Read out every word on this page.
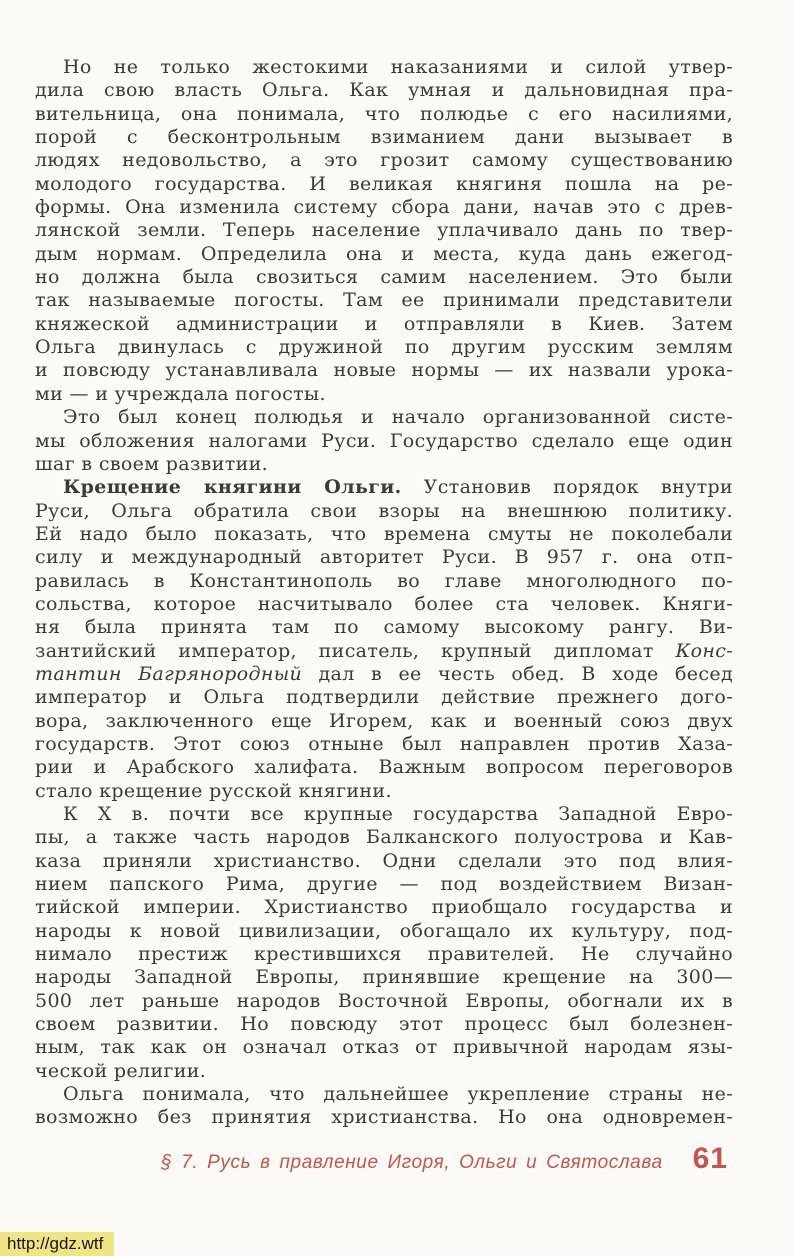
Но не только жестокими наказаниями и силой утвер-
дила свою власть Ольга. Как умная и дальновидная пра-
вительница, она понимала, что полюдье с его насилиями,
порой с бесконтрольным взиманием дани вызывает в
людях недовольство, а это грозит самому существованию
молодого государства. И великая княгиня пошла на ре-
формы. Она изменила систему сбора дани, начав это с древ-
лянской земли. Теперь население уплачивало дань по твер-
дым нормам. Определила она и места, куда дань ежегод-
но должна была свозиться самим населением. Это были
так называемые погосты. Там ее принимали представители
княжеской администрации и отправляли в Киев. Затем
Ольга двинулась с дружиной по другим русским землям
и повсюду устанавливала новые нормы — их назвали урока-
ми — и учреждала погосты.
Это был конец полюдья и начало организованной систе-
мы обложения налогами Руси. Государство сделало еще один
шаг в своем развитии.
Крещение княгини Ольги. Установив порядок внутри
Руси, Ольга обратила свои взоры на внешнюю политику.
Ей надо было показать, что времена смуты не поколебали
силу и международный авторитет Руси. В 957 г. она отп-
равилась в Константинополь во главе многолюдного по-
сольства, которое насчитывало более ста человек. Княги-
ня была принята там по самому высокому рангу. Ви-
зантийский император, писатель, крупный дипломат Конс-
тантин Багрянородный дал в ее честь обед. В ходе бесед
император и Ольга подтвердили действие прежнего дого-
вора, заключенного еще Игорем, как и военный союз двух
государств. Этот союз отныне был направлен против Хаза-
рии и Арабского халифата. Важным вопросом переговоров
стало крещение русской княгини.
К X в. почти все крупные государства Западной Евро-
пы, а также часть народов Балканского полуострова и Кав-
каза приняли христианство. Одни сделали это под влия-
нием папского Рима, другие — под воздействием Визан-
тийской империи. Христианство приобщало государства и
народы к новой цивилизации, обогащало их культуру, под-
нимало престиж крестившихся правителей. Не случайно
народы Западной Европы, принявшие крещение на 300—
500 лет раньше народов Восточной Европы, обогнали их в
своем развитии. Но повсюду этот процесс был болезнен-
ным, так как он означал отказ от привычной народам язы-
ческой религии.
Ольга понимала, что дальнейшее укрепление страны не-
возможно без принятия христианства. Но она одновремен-
§ 7. Русь в правление Игоря, Ольги и Святослава 61
http://gdz.wtf
